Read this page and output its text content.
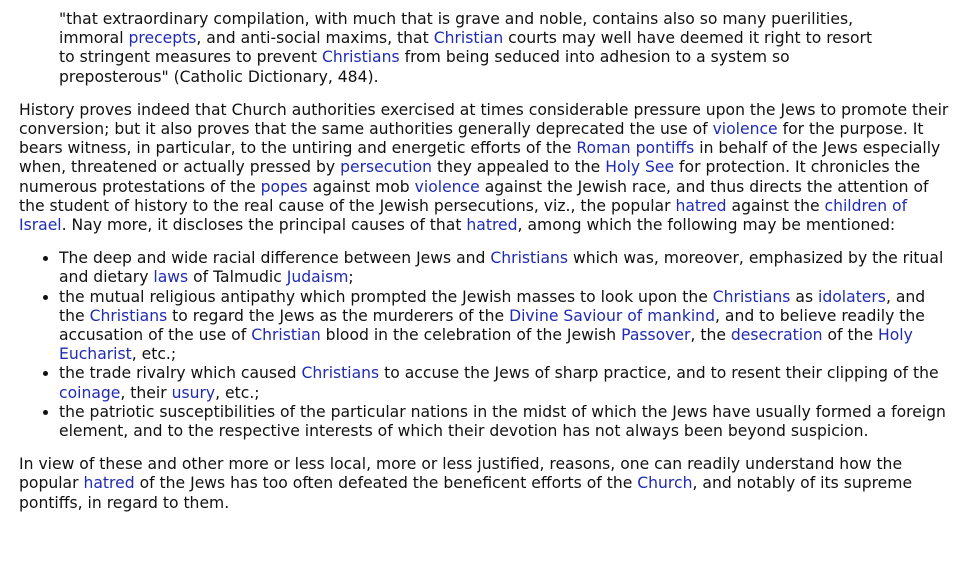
"that extraordinary compilation, with much that is grave and noble, contains also so many puerilities, immoral precepts, and anti-social maxims, that Christian courts may well have deemed it right to resort to stringent measures to prevent Christians from being seduced into adhesion to a system so preposterous" (Catholic Dictionary, 484).

History proves indeed that Church authorities exercised at times considerable pressure upon the Jews to promote their conversion; but it also proves that the same authorities generally deprecated the use of violence for the purpose. It bears witness, in particular, to the untiring and energetic efforts of the Roman pontiffs in behalf of the Jews especially when, threatened or actually pressed by persecution they appealed to the Holy See for protection. It chronicles the numerous protestations of the popes against mob violence against the Jewish race, and thus directs the attention of the student of history to the real cause of the Jewish persecutions, viz., the popular hatred against the children of Israel. Nay more, it discloses the principal causes of that hatred, among which the following may be mentioned:

• The deep and wide racial difference between Jews and Christians which was, moreover, emphasized by the ritual and dietary laws of Talmudic Judaism;
• the mutual religious antipathy which prompted the Jewish masses to look upon the Christians as idolaters, and the Christians to regard the Jews as the murderers of the Divine Saviour of mankind, and to believe readily the accusation of the use of Christian blood in the celebration of the Jewish Passover, the desecration of the Holy Eucharist, etc.;
• the trade rivalry which caused Christians to accuse the Jews of sharp practice, and to resent their clipping of the coinage, their usury, etc.;
• the patriotic susceptibilities of the particular nations in the midst of which the Jews have usually formed a foreign element, and to the respective interests of which their devotion has not always been beyond suspicion.

In view of these and other more or less local, more or less justified, reasons, one can readily understand how the popular hatred of the Jews has too often defeated the beneficent efforts of the Church, and notably of its supreme pontiffs, in regard to them.
